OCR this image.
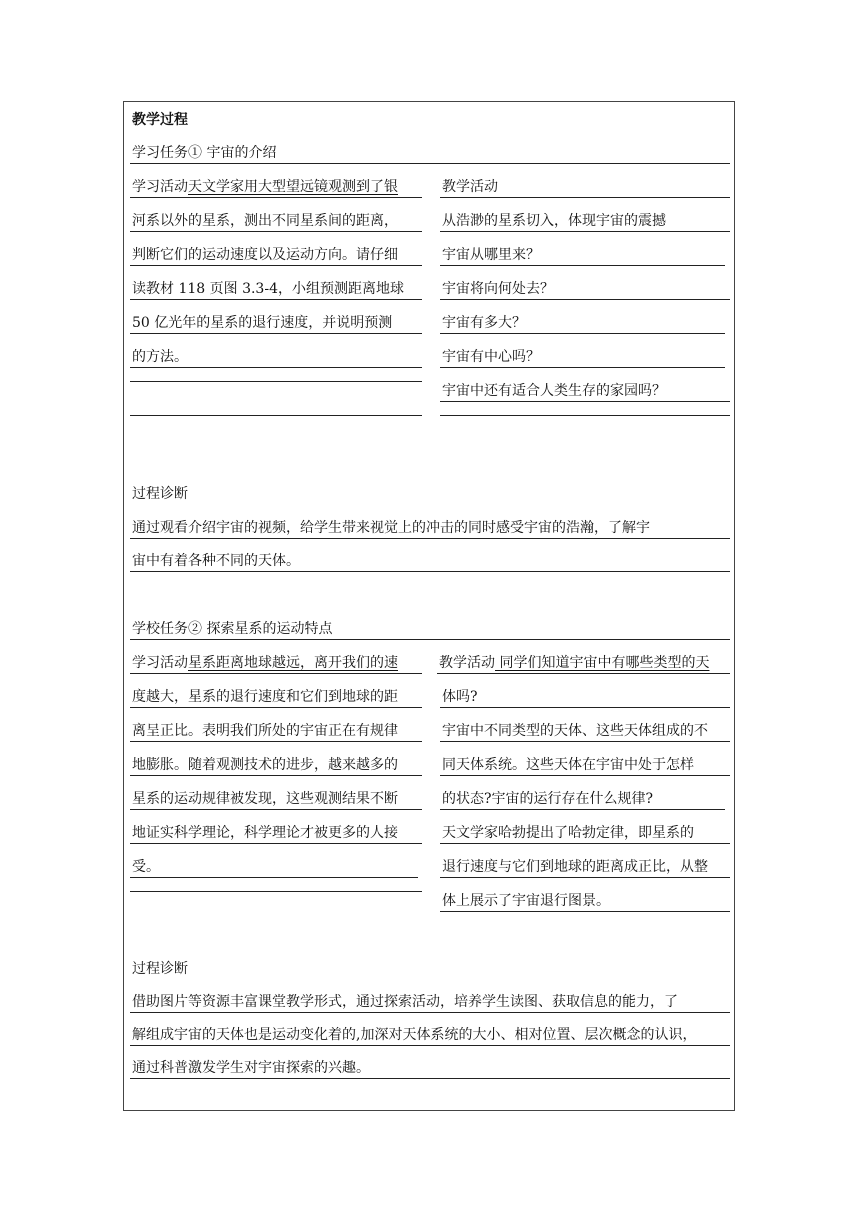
教学过程
学习任务① 宇宙的介绍
学习活动天文学家用大型望远镜观测到了银
河系以外的星系，测出不同星系间的距离，
判断它们的运动速度以及运动方向。请仔细
读教材 118 页图 3.3-4，小组预测距离地球
50 亿光年的星系的退行速度，并说明预测
的方法。
教学活动
从浩渺的星系切入，体现宇宙的震撼
宇宙从哪里来？
宇宙将向何处去？
宇宙有多大？
宇宙有中心吗？
宇宙中还有适合人类生存的家园吗？
过程诊断
通过观看介绍宇宙的视频，给学生带来视觉上的冲击的同时感受宇宙的浩瀚，了解宇
宙中有着各种不同的天体。
学校任务② 探索星系的运动特点
学习活动星系距离地球越远，离开我们的速
度越大，星系的退行速度和它们到地球的距
离呈正比。表明我们所处的宇宙正在有规律
地膨胀。随着观测技术的进步，越来越多的
星系的运动规律被发现，这些观测结果不断
地证实科学理论，科学理论才被更多的人接
受。
教学活动 同学们知道宇宙中有哪些类型的天
体吗?
宇宙中不同类型的天体、这些天体组成的不
同天体系统。这些天体在宇宙中处于怎样
的状态?宇宙的运行存在什么规律?
天文学家哈勃提出了哈勃定律，即星系的
退行速度与它们到地球的距离成正比，从整
体上展示了宇宙退行图景。
过程诊断
借助图片等资源丰富课堂教学形式，通过探索活动，培养学生读图、获取信息的能力，了
解组成宇宙的天体也是运动变化着的,加深对天体系统的大小、相对位置、层次概念的认识，
通过科普激发学生对宇宙探索的兴趣。
